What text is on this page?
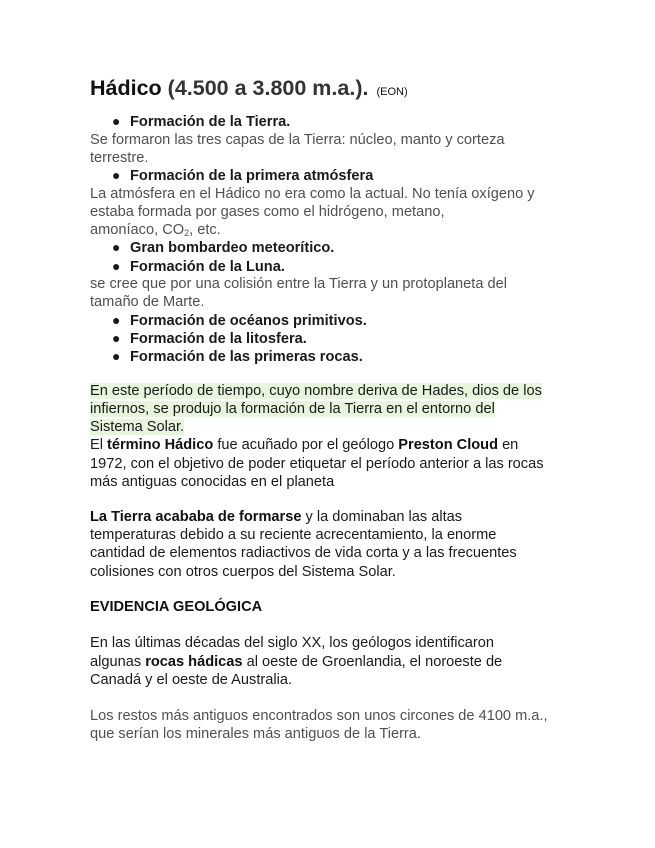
Hádico (4.500 a 3.800 m.a.). (EON)
● Formación de la Tierra.
Se formaron las tres capas de la Tierra: núcleo, manto y corteza
terrestre.
● Formación de la primera atmósfera
La atmósfera en el Hádico no era como la actual. No tenía oxígeno y
estaba formada por gases como el hidrógeno, metano,
amoníaco, $CO_2$, etc.
● Gran bombardeo meteorítico.
● Formación de la Luna.
se cree que por una colisión entre la Tierra y un protoplaneta del
tamaño de Marte.
● Formación de océanos primitivos.
● Formación de la litosfera.
● Formación de las primeras rocas.
En este período de tiempo, cuyo nombre deriva de Hades, dios de los
infiernos, se produjo la formación de la Tierra en el entorno del
Sistema Solar.
El término Hádico fue acuñado por el geólogo Preston Cloud en
1972, con el objetivo de poder etiquetar el período anterior a las rocas
más antiguas conocidas en el planeta
La Tierra acababa de formarse y la dominaban las altas
temperaturas debido a su reciente acrecentamiento, la enorme
cantidad de elementos radiactivos de vida corta y a las frecuentes
colisiones con otros cuerpos del Sistema Solar.
EVIDENCIA GEOLÓGICA
En las últimas décadas del siglo XX, los geólogos identificaron
algunas rocas hádicas al oeste de Groenlandia, el noroeste de
Canadá y el oeste de Australia.
Los restos más antiguos encontrados son unos circones de 4100 m.a.,
que serían los minerales más antiguos de la Tierra.
